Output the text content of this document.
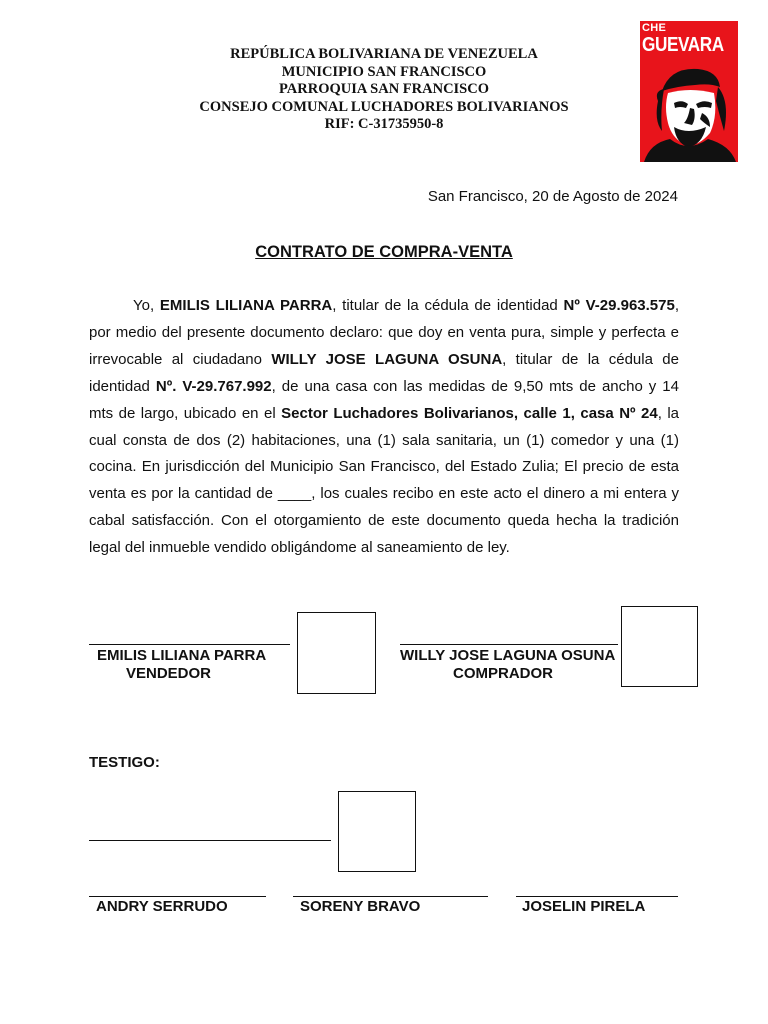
REPÚBLICA BOLIVARIANA DE VENEZUELA
MUNICIPIO SAN FRANCISCO
PARROQUIA SAN FRANCISCO
CONSEJO COMUNAL LUCHADORES BOLIVARIANOS
RIF: C-31735950-8
CHE
GUEVARA
San Francisco, 20 de Agosto de 2024
CONTRATO DE COMPRA-VENTA
Yo, EMILIS LILIANA PARRA, titular de la cédula de identidad Nº V-29.963.575, por medio del presente documento declaro: que doy en venta pura, simple y perfecta e irrevocable al ciudadano WILLY JOSE LAGUNA OSUNA, titular de la cédula de identidad Nº. V-29.767.992, de una casa con las medidas de 9,50 mts de ancho y 14 mts de largo, ubicado en el Sector Luchadores Bolivarianos, calle 1, casa Nº 24, la cual consta de dos (2) habitaciones, una (1) sala sanitaria, un (1) comedor y una (1) cocina. En jurisdicción del Municipio San Francisco, del Estado Zulia; El precio de esta venta es por la cantidad de ____, los cuales recibo en este acto el dinero a mi entera y cabal satisfacción. Con el otorgamiento de este documento queda hecha la tradición legal del inmueble vendido obligándome al saneamiento de ley.
EMILIS LILIANA PARRA
VENDEDOR
WILLY JOSE LAGUNA OSUNA
COMPRADOR
TESTIGO:
ANDRY SERRUDO	SORENY BRAVO	JOSELIN PIRELA
